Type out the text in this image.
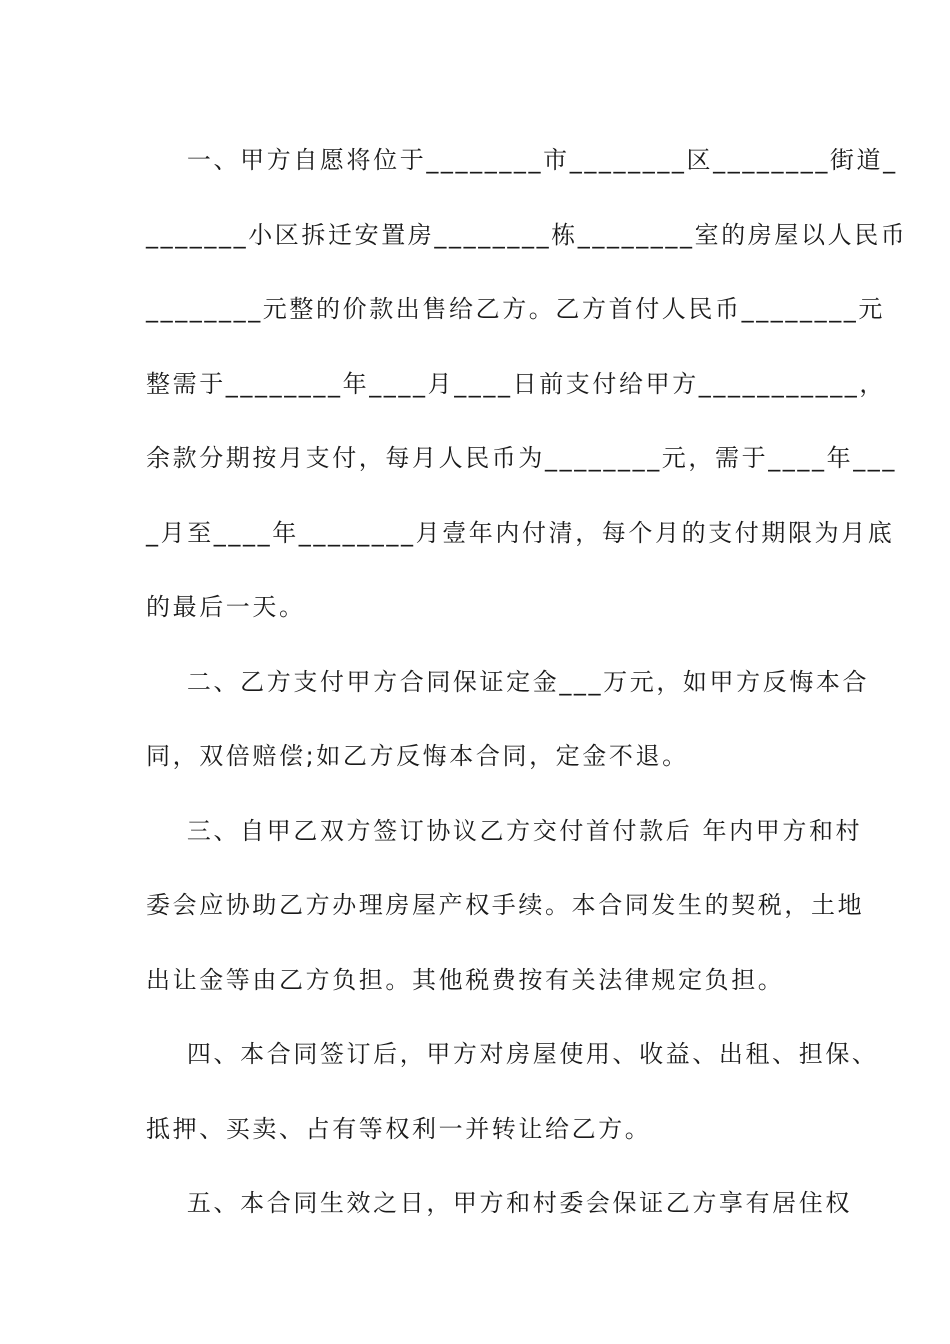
一、甲方自愿将位于________市________区________街道_
_______小区拆迁安置房________栋________室的房屋以人民币
________元整的价款出售给乙方。乙方首付人民币________元
整需于________年____月____日前支付给甲方___________，
余款分期按月支付，每月人民币为________元，需于____年___
_月至____年________月壹年内付清，每个月的支付期限为月底
的最后一天。
二、乙方支付甲方合同保证定金___万元，如甲方反悔本合
同，双倍赔偿;如乙方反悔本合同，定金不退。
三、自甲乙双方签订协议乙方交付首付款后 年内甲方和村
委会应协助乙方办理房屋产权手续。本合同发生的契税，土地
出让金等由乙方负担。其他税费按有关法律规定负担。
四、本合同签订后，甲方对房屋使用、收益、出租、担保、
抵押、买卖、占有等权利一并转让给乙方。
五、本合同生效之日，甲方和村委会保证乙方享有居住权
